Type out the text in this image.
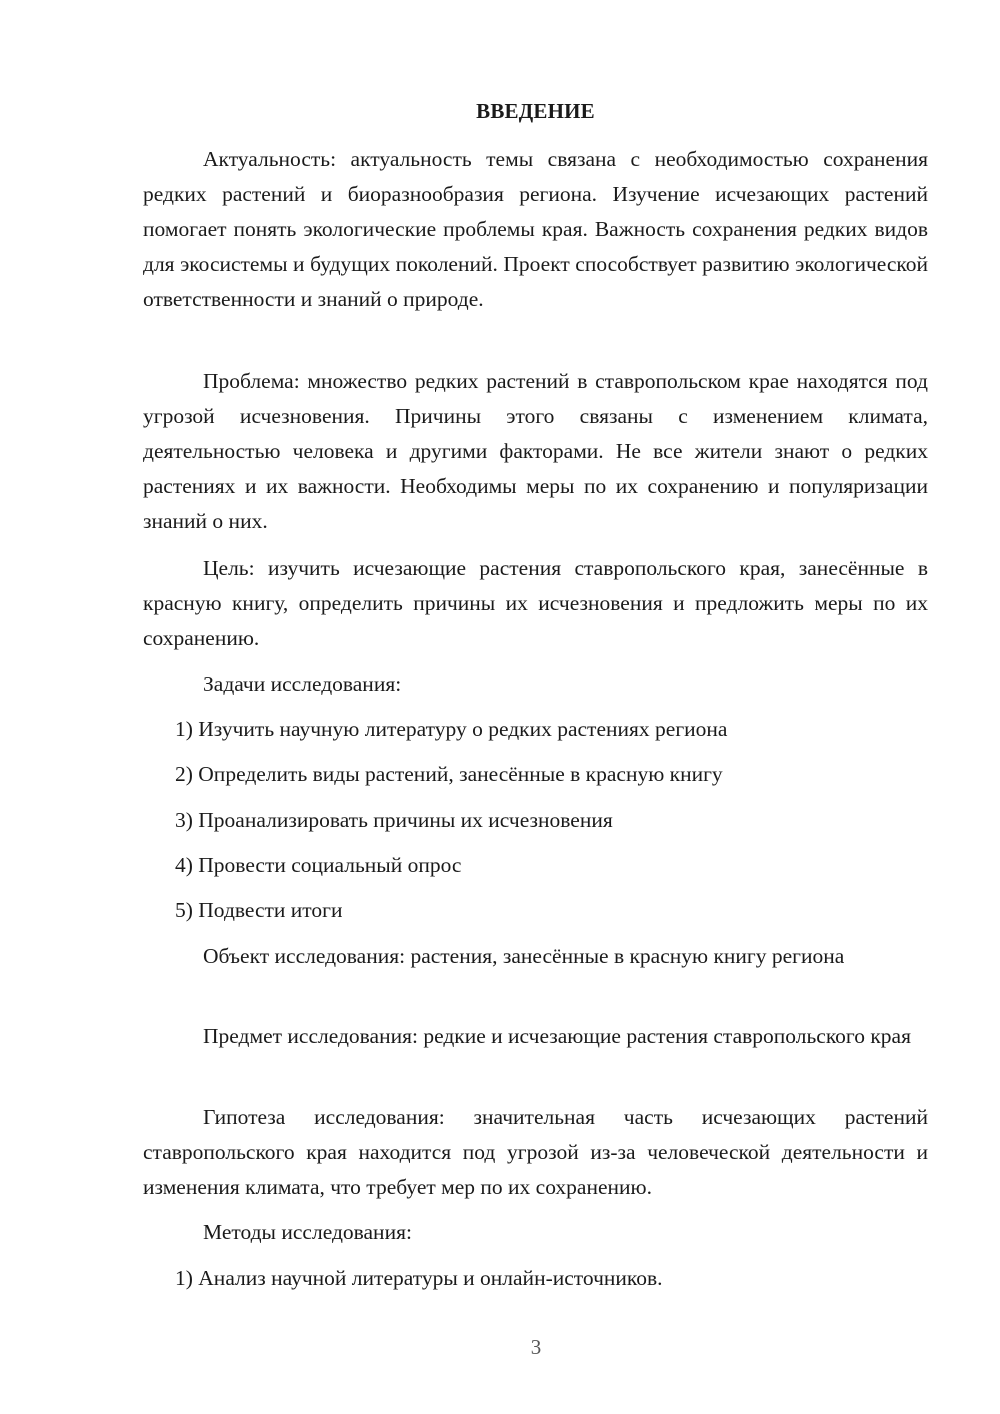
ВВЕДЕНИЕ

Актуальность: актуальность темы связана с необходимостью сохранения редких растений и биоразнообразия региона. Изучение исчезающих растений помогает понять экологические проблемы края. Важность сохранения редких видов для экосистемы и будущих поколений. Проект способствует развитию экологической ответственности и знаний о природе.

Проблема: множество редких растений в ставропольском крае находятся под угрозой исчезновения. Причины этого связаны с изменением климата, деятельностью человека и другими факторами. Не все жители знают о редких растениях и их важности. Необходимы меры по их сохранению и популяризации знаний о них.

Цель: изучить исчезающие растения ставропольского края, занесённые в красную книгу, определить причины их исчезновения и предложить меры по их сохранению.

Задачи исследования:

1) Изучить научную литературу о редких растениях региона

2) Определить виды растений, занесённые в красную книгу

3) Проанализировать причины их исчезновения

4) Провести социальный опрос

5) Подвести итоги

Объект исследования: растения, занесённые в красную книгу региона

Предмет исследования: редкие и исчезающие растения ставропольского края

Гипотеза исследования: значительная часть исчезающих растений ставропольского края находится под угрозой из-за человеческой деятельности и изменения климата, что требует мер по их сохранению.

Методы исследования:

1) Анализ научной литературы и онлайн-источников.

3
